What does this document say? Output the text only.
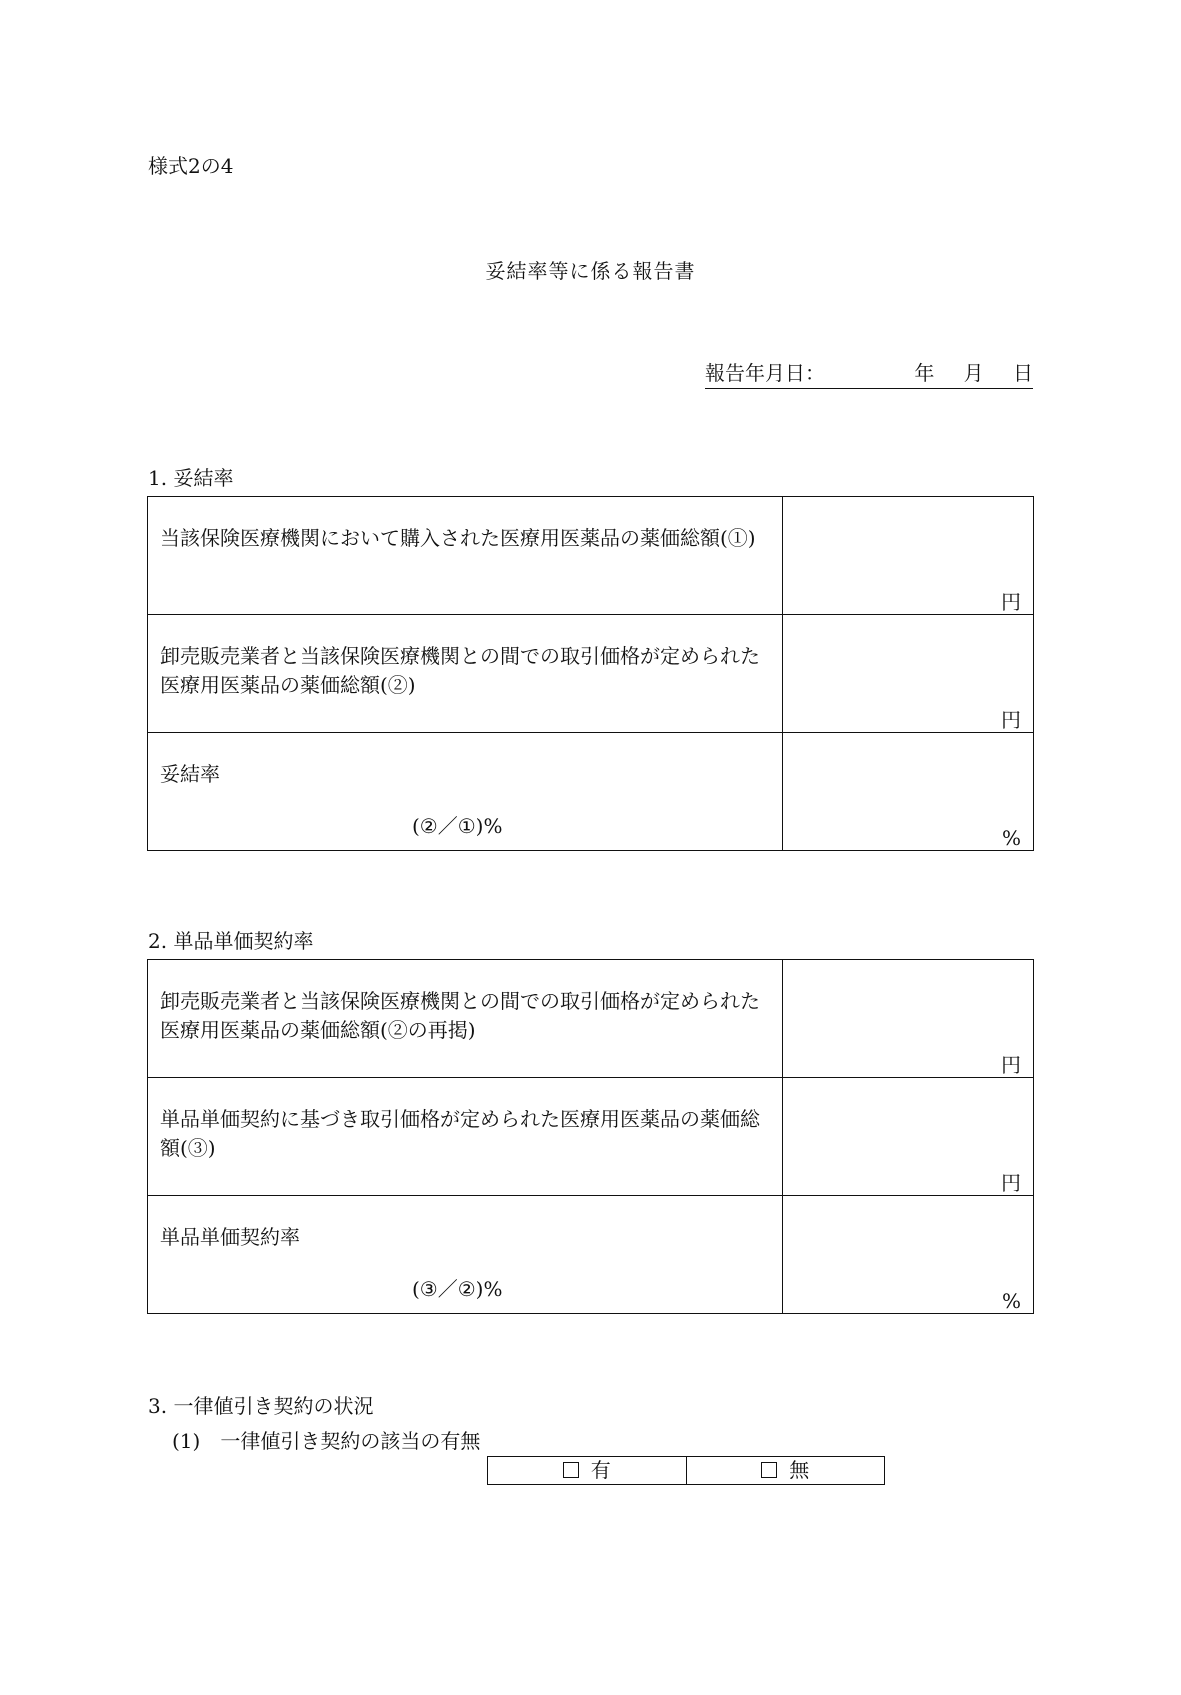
様式2の4
妥結率等に係る報告書
報告年月日：	年 月 日
1. 妥結率
当該保険医療機関において購入された医療用医薬品の薬価総額(①)	円

卸売販売業者と当該保険医療機関との間での取引価格が定められた医療用医薬品の薬価総額(②)	円

妥結率
(②／①)%	%
2. 単品単価契約率
卸売販売業者と当該保険医療機関との間での取引価格が定められた医療用医薬品の薬価総額(②の再掲)	円

単品単価契約に基づき取引価格が定められた医療用医薬品の薬価総額(③)	円

単品単価契約率
(③／②)%	%
3. 一律値引き契約の状況
(1)　一律値引き契約の該当の有無
有	無
